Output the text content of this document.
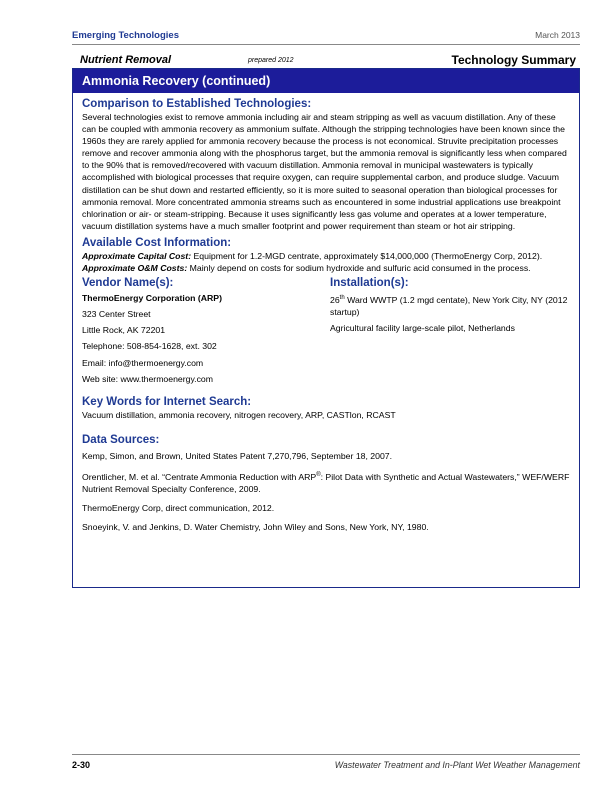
Emerging Technologies	March 2013
Nutrient Removal	prepared 2012	Technology Summary
Ammonia Recovery (continued)
Comparison to Established Technologies:

Several technologies exist to remove ammonia including air and steam stripping as well as vacuum distillation. Any of these can be coupled with ammonia recovery as ammonium sulfate. Although the stripping technologies have been known since the 1960s they are rarely applied for ammonia recovery because the process is not economical. Struvite precipitation processes remove and recover ammonia along with the phosphorus target, but the ammonia removal is significantly less when compared to the 90% that is removed/recovered with vacuum distillation. Ammonia removal in municipal wastewaters is typically accomplished with biological processes that require oxygen, can require supplemental carbon, and produce sludge. Vacuum distillation can be shut down and restarted efficiently, so it is more suited to seasonal operation than biological processes for ammonia removal. More concentrated ammonia streams such as encountered in some industrial applications use breakpoint chlorination or air- or steam-stripping. Because it uses significantly less gas volume and operates at a lower temperature, vacuum distillation systems have a much smaller footprint and power requirement than steam or hot air stripping.

Available Cost Information:

Approximate Capital Cost: Equipment for 1.2-MGD centrate, approximately $14,000,000 (ThermoEnergy Corp, 2012).

Approximate O&M Costs: Mainly depend on costs for sodium hydroxide and sulfuric acid consumed in the process.

Vendor Name(s):

ThermoEnergy Corporation (ARP)

323 Center Street

Little Rock, AK 72201

Telephone: 508-854-1628, ext. 302

Email: info@thermoenergy.com

Web site: www.thermoenergy.com

Installation(s):

26th Ward WWTP (1.2 mgd centate), New York City, NY (2012 startup)

Agricultural facility large-scale pilot, Netherlands

Key Words for Internet Search:

Vacuum distillation, ammonia recovery, nitrogen recovery, ARP, CASTlon, RCAST

Data Sources:

Kemp, Simon, and Brown, United States Patent 7,270,796, September 18, 2007.

Orentlicher, M. et al. “Centrate Ammonia Reduction with ARP®: Pilot Data with Synthetic and Actual Wastewaters,” WEF/WERF Nutrient Removal Specialty Conference, 2009.

ThermoEnergy Corp, direct communication, 2012.

Snoeyink, V. and Jenkins, D. Water Chemistry, John Wiley and Sons, New York, NY, 1980.

2-30	Wastewater Treatment and In-Plant Wet Weather Management
